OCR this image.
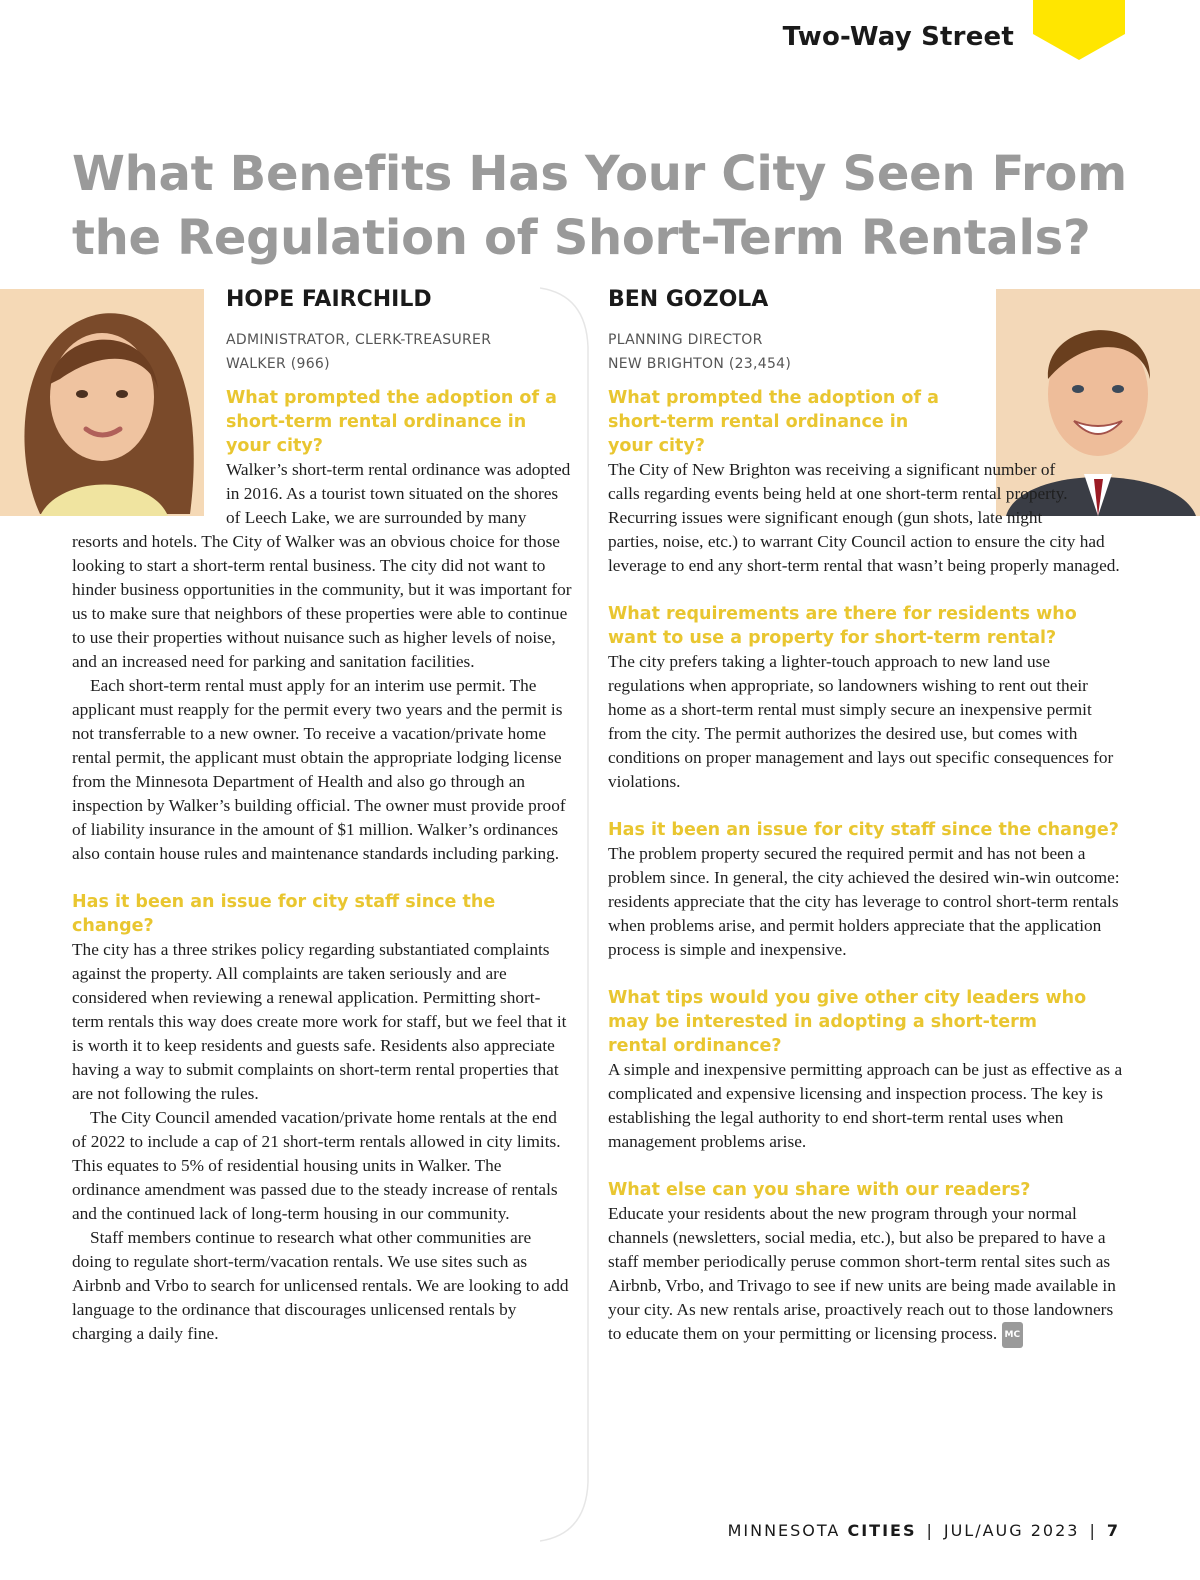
Two-Way Street
What Benefits Has Your City Seen From
the Regulation of Short-Term Rentals?
HOPE FAIRCHILD
ADMINISTRATOR, CLERK-TREASURER
WALKER (966)
What prompted the adoption of a short-term rental ordinance in your city?

Walker’s short-term rental ordinance was adopted in 2016. As a tourist town situated on the shores of Leech Lake, we are surrounded by many resorts and hotels. The City of Walker was an obvious choice for those looking to start a short-term rental business. The city did not want to hinder business opportunities in the community, but it was important for us to make sure that neighbors of these properties were able to continue to use their properties without nuisance such as higher levels of noise, and an increased need for parking and sanitation facilities.

Each short-term rental must apply for an interim use permit. The applicant must reapply for the permit every two years and the permit is not transferrable to a new owner. To receive a vacation/private home rental permit, the applicant must obtain the appropriate lodging license from the Minnesota Department of Health and also go through an inspection by Walker’s building official. The owner must provide proof of liability insurance in the amount of $1 million. Walker’s ordinances also contain house rules and maintenance standards including parking.

Has it been an issue for city staff since the change?

The city has a three strikes policy regarding substantiated complaints against the property. All complaints are taken seriously and are considered when reviewing a renewal application. Permitting short-term rentals this way does create more work for staff, but we feel that it is worth it to keep residents and guests safe. Residents also appreciate having a way to submit complaints on short-term rental properties that are not following the rules.

The City Council amended vacation/private home rentals at the end of 2022 to include a cap of 21 short-term rentals allowed in city limits. This equates to 5% of residential housing units in Walker. The ordinance amendment was passed due to the steady increase of rentals and the continued lack of long-term housing in our community.

Staff members continue to research what other communities are doing to regulate short-term/vacation rentals. We use sites such as Airbnb and Vrbo to search for unlicensed rentals. We are looking to add language to the ordinance that discourages unlicensed rentals by charging a daily fine.

BEN GOZOLA
PLANNING DIRECTOR
NEW BRIGHTON (23,454)
What prompted the adoption of a short-term rental ordinance in your city?

The City of New Brighton was receiving a significant number of calls regarding events being held at one short-term rental property. Recurring issues were significant enough (gun shots, late night parties, noise, etc.) to warrant City Council action to ensure the city had leverage to end any short-term rental that wasn’t being properly managed.

What requirements are there for residents who want to use a property for short-term rental?

The city prefers taking a lighter-touch approach to new land use regulations when appropriate, so landowners wishing to rent out their home as a short-term rental must simply secure an inexpensive permit from the city. The permit authorizes the desired use, but comes with conditions on proper management and lays out specific consequences for violations.

Has it been an issue for city staff since the change?

The problem property secured the required permit and has not been a problem since. In general, the city achieved the desired win-win outcome: residents appreciate that the city has leverage to control short-term rentals when problems arise, and permit holders appreciate that the application process is simple and inexpensive.

What tips would you give other city leaders who may be interested in adopting a short-term rental ordinance?

A simple and inexpensive permitting approach can be just as effective as a complicated and expensive licensing and inspection process. The key is establishing the legal authority to end short-term rental uses when management problems arise.

What else can you share with our readers?

Educate your residents about the new program through your normal channels (newsletters, social media, etc.), but also be prepared to have a staff member periodically peruse common short-term rental sites such as Airbnb, Vrbo, and Trivago to see if new units are being made available in your city. As new rentals arise, proactively reach out to those landowners to educate them on your permitting or licensing process. MC

MINNESOTA CITIES | JUL/AUG 2023 | 7
